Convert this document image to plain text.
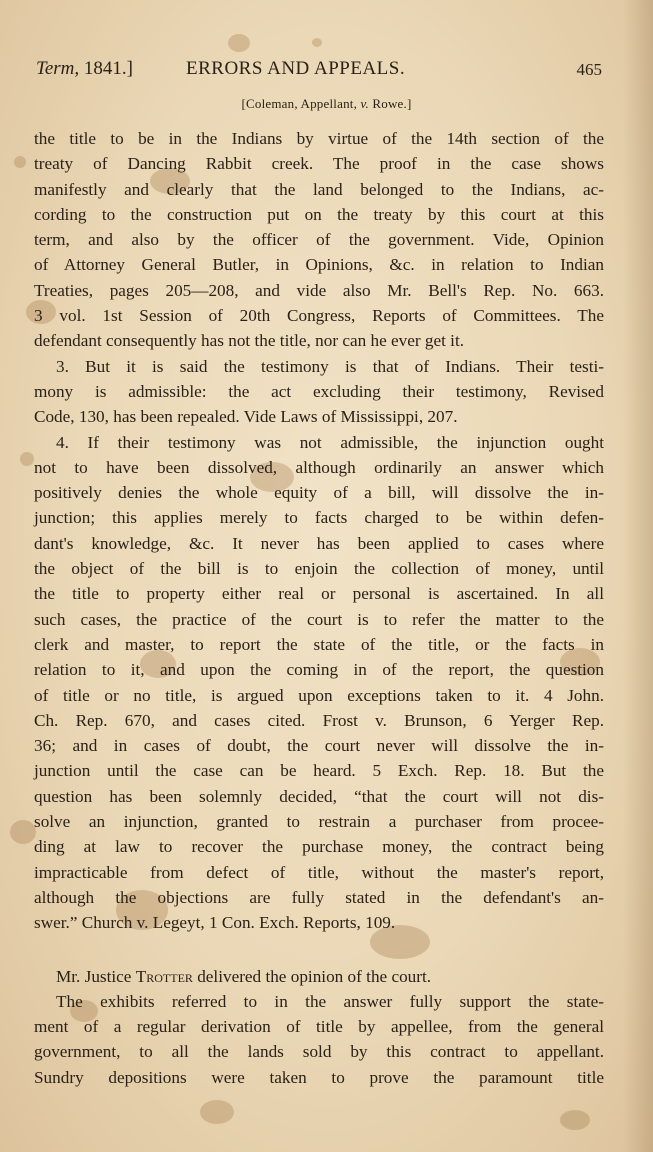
Term, 1841.]	ERRORS AND APPEALS.	465
[Coleman, Appellant, v. Rowe.]
the title to be in the Indians by virtue of the 14th section of the
treaty of Dancing Rabbit creek. The proof in the case shows
manifestly and clearly that the land belonged to the Indians, ac-
cording to the construction put on the treaty by this court at this
term, and also by the officer of the government. Vide, Opinion
of Attorney General Butler, in Opinions, &c. in relation to Indian
Treaties, pages 205—208, and vide also Mr. Bell's Rep. No. 663.
3 vol. 1st Session of 20th Congress, Reports of Committees. The
defendant consequently has not the title, nor can he ever get it.
3. But it is said the testimony is that of Indians. Their testi-
mony is admissible: the act excluding their testimony, Revised
Code, 130, has been repealed. Vide Laws of Mississippi, 207.
4. If their testimony was not admissible, the injunction ought
not to have been dissolved, although ordinarily an answer which
positively denies the whole equity of a bill, will dissolve the in-
junction; this applies merely to facts charged to be within defen-
dant's knowledge, &c. It never has been applied to cases where
the object of the bill is to enjoin the collection of money, until
the title to property either real or personal is ascertained. In all
such cases, the practice of the court is to refer the matter to the
clerk and master, to report the state of the title, or the facts in
relation to it, and upon the coming in of the report, the question
of title or no title, is argued upon exceptions taken to it. 4 John.
Ch. Rep. 670, and cases cited. Frost v. Brunson, 6 Yerger Rep.
36; and in cases of doubt, the court never will dissolve the in-
junction until the case can be heard. 5 Exch. Rep. 18. But the
question has been solemnly decided, “that the court will not dis-
solve an injunction, granted to restrain a purchaser from procee-
ding at law to recover the purchase money, the contract being
impracticable from defect of title, without the master's report,
although the objections are fully stated in the defendant's an-
swer.” Church v. Legeyt, 1 Con. Exch. Reports, 109.
Mr. Justice Trotter delivered the opinion of the court.
The exhibits referred to in the answer fully support the state-
ment of a regular derivation of title by appellee, from the general
government, to all the lands sold by this contract to appellant.
Sundry depositions were taken to prove the paramount title
